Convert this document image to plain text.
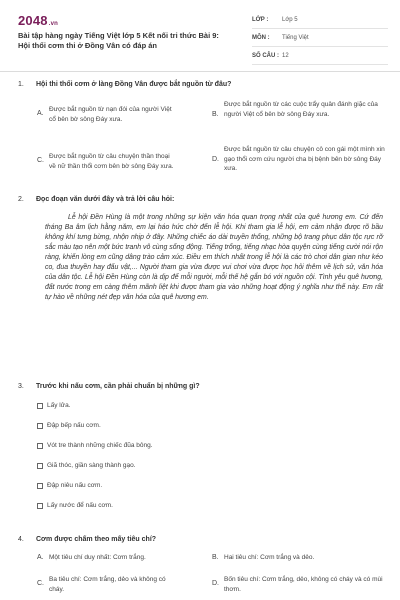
2048.vn
Bài tập hàng ngày Tiếng Việt lớp 5 Kết nối tri thức Bài 9: Hội thổi cơm thi ở Đồng Vân có đáp án
LỚP :	Lớp 5
MÔN :	Tiếng Việt
SỐ CÂU : 12
1.	Hội thi thổi cơm ở làng Đồng Vân được bắt nguồn từ đâu?
A.
Được bắt nguồn từ nạn đói của người Việt cổ bên bờ sông Đáy xưa.
B.
Được bắt nguồn từ các cuộc trẩy quân đánh giặc của người Việt cổ bên bờ sông Đáy xưa.
C.
Được bắt nguồn từ câu chuyện thần thoại về nữ thần thổi cơm bên bờ sông Đáy xưa.
D.
Được bắt nguồn từ câu chuyện cô con gái một mình xin gạo thổi cơm cứu người cha bị bệnh bên bờ sông Đáy xưa.
2.	Đọc đoạn văn dưới đây và trả lời câu hỏi:
Lễ hội Đền Hùng là một trong những sự kiện văn hóa quan trọng nhất của quê hương em. Cứ đến tháng Ba âm lịch hằng năm, em lại háo hức chờ đến lễ hội. Khi tham gia lễ hội, em cảm nhận được rõ bầu không khí tưng bừng, nhộn nhịp ở đây. Những chiếc áo dài truyền thống, những bộ trang phục dân tộc rực rỡ sắc màu tạo nên một bức tranh vô cùng sống động. Tiếng trống, tiếng nhạc hòa quyện cùng tiếng cười nói rộn ràng, khiến lòng em cũng dâng trào cảm xúc. Điều em thích nhất trong lễ hội là các trò chơi dân gian như kéo co, đua thuyền hay đấu vật,... Người tham gia vừa được vui chơi vừa được học hỏi thêm về lịch sử, văn hóa của dân tộc. Lễ hội Đền Hùng còn là dịp để mỗi người, mỗi thế hệ gắn bó với nguồn cội. Tình yêu quê hương, đất nước trong em càng thêm mãnh liệt khi được tham gia vào những hoạt động ý nghĩa như thế này. Em rất tự hào về những nét đẹp văn hóa của quê hương em.
3.	Trước khi nấu cơm, cần phải chuẩn bị những gì?
Lấy lửa.
Đập bếp nấu cơm.
Vót tre thành những chiếc đũa bông.
Giã thóc, giần sàng thành gạo.
Đập niêu nấu cơm.
Lấy nước để nấu cơm.
4.	Cơm được chấm theo mấy tiêu chí?
A. Một tiêu chí duy nhất: Cơm trắng.	B. Hai tiêu chí: Cơm trắng và dẻo.
C.
Ba tiêu chí: Cơm trắng, dẻo và không có cháy.
D.
Bốn tiêu chí: Cơm trắng, dẻo, không có cháy và có mùi thơm.
